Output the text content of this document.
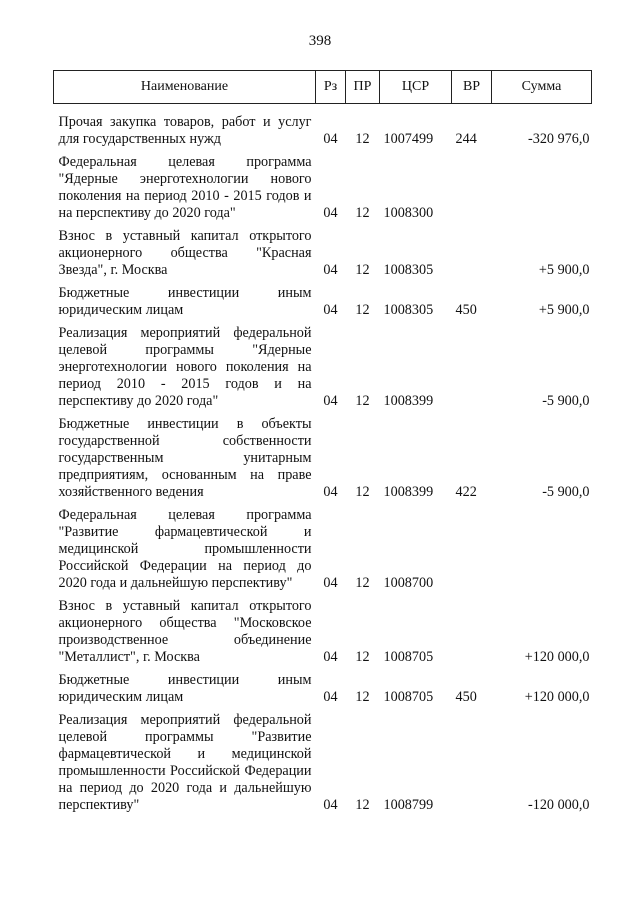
398
Наименование	Рз	ПР	ЦСР	ВР	Сумма

Прочая закупка товаров, работ и услуг для государственных нужд	04	12	1007499	244	-320 976,0

Федеральная целевая программа "Ядерные энерготехнологии нового поколения на период 2010 - 2015 годов и на перспективу до 2020 года"	04	12	1008300		

Взнос в уставный капитал открытого акционерного общества "Красная Звезда", г. Москва	04	12	1008305		+5 900,0

Бюджетные инвестиции иным юридическим лицам	04	12	1008305	450	+5 900,0

Реализация мероприятий федеральной целевой программы "Ядерные энерготехнологии нового поколения на период 2010 - 2015 годов и на перспективу до 2020 года"	04	12	1008399		-5 900,0

Бюджетные инвестиции в объекты государственной собственности государственным унитарным предприятиям, основанным на праве хозяйственного ведения	04	12	1008399	422	-5 900,0

Федеральная целевая программа "Развитие фармацевтической и медицинской промышленности Российской Федерации на период до 2020 года и дальнейшую перспективу"	04	12	1008700		

Взнос в уставный капитал открытого акционерного общества "Московское производственное объединение "Металлист", г. Москва	04	12	1008705		+120 000,0

Бюджетные инвестиции иным юридическим лицам	04	12	1008705	450	+120 000,0

Реализация мероприятий федеральной целевой программы "Развитие фармацевтической и медицинской промышленности Российской Федерации на период до 2020 года и дальнейшую перспективу"	04	12	1008799		-120 000,0
